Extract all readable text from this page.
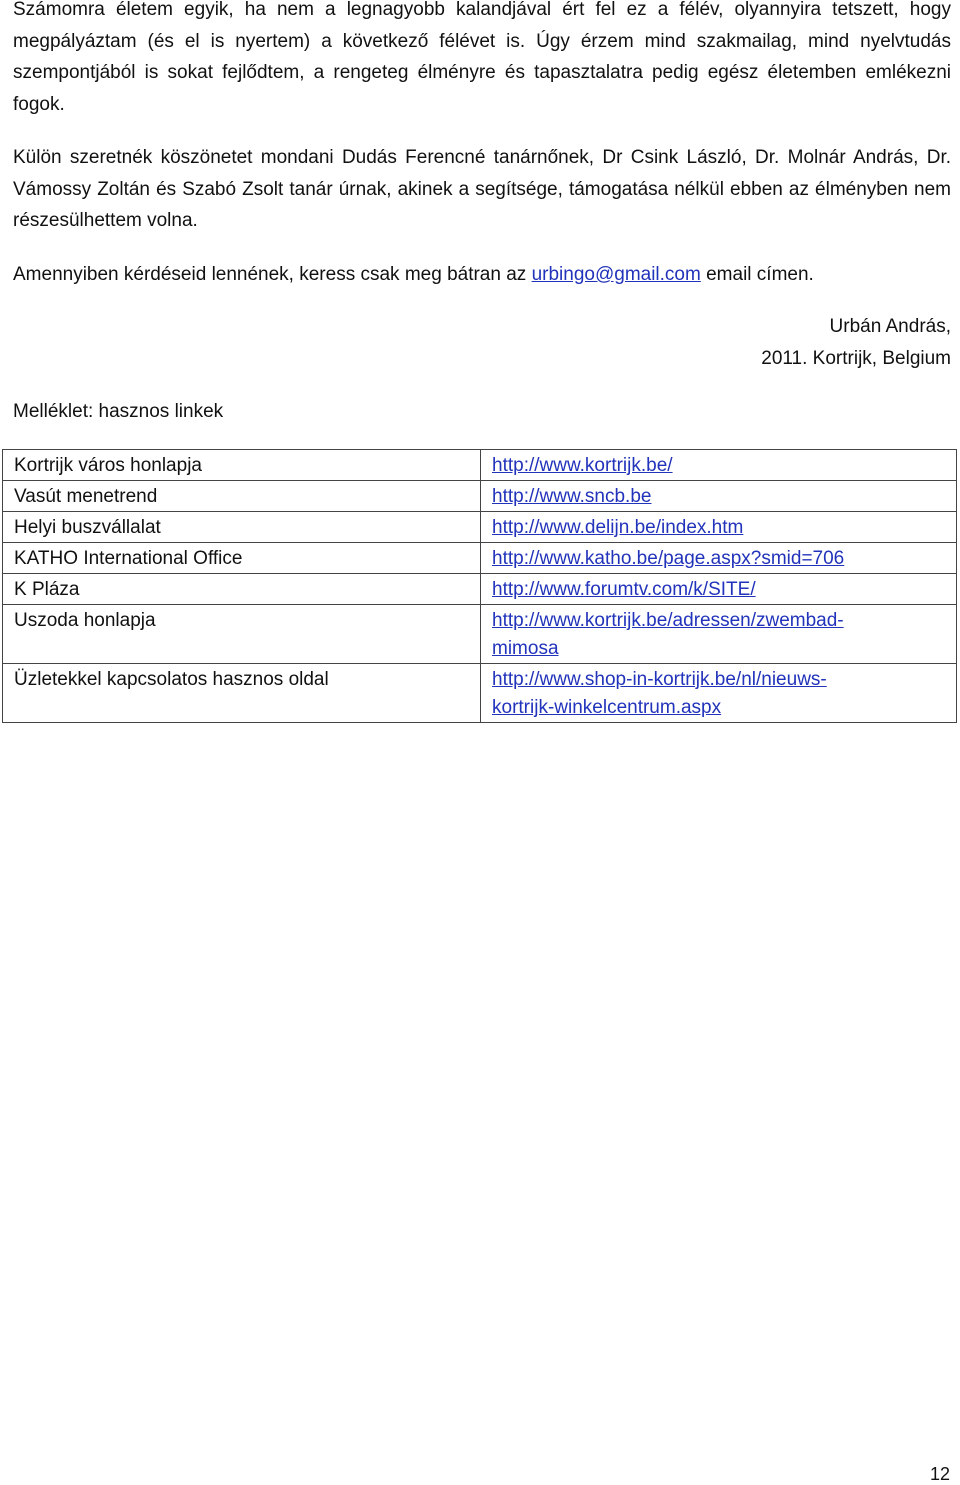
Számomra életem egyik, ha nem a legnagyobb kalandjával ért fel ez a félév, olyannyira tetszett, hogy megpályáztam (és el is nyertem) a következő félévet is. Úgy érzem mind szakmailag, mind nyelvtudás szempontjából is sokat fejlődtem, a rengeteg élményre és tapasztalatra pedig egész életemben emlékezni fogok.
Külön szeretnék köszönetet mondani Dudás Ferencné tanárnőnek, Dr Csink László, Dr. Molnár András, Dr. Vámossy Zoltán és Szabó Zsolt tanár úrnak, akinek a segítsége, támogatása nélkül ebben az élményben nem részesülhettem volna.
Amennyiben kérdéseid lennének, keress csak meg bátran az urbingo@gmail.com email címen.
Urbán András,
2011. Kortrijk, Belgium
Melléklet: hasznos linkek
Kortrijk város honlapja	http://www.kortrijk.be/
Vasút menetrend	http://www.sncb.be
Helyi buszvállalat	http://www.delijn.be/index.htm
KATHO International Office	http://www.katho.be/page.aspx?smid=706
K Pláza	http://www.forumtv.com/k/SITE/
Uszoda honlapja	http://www.kortrijk.be/adressen/zwembad-
mimosa
Üzletekkel kapcsolatos hasznos oldal	http://www.shop-in-kortrijk.be/nl/nieuws-
kortrijk-winkelcentrum.aspx
12
